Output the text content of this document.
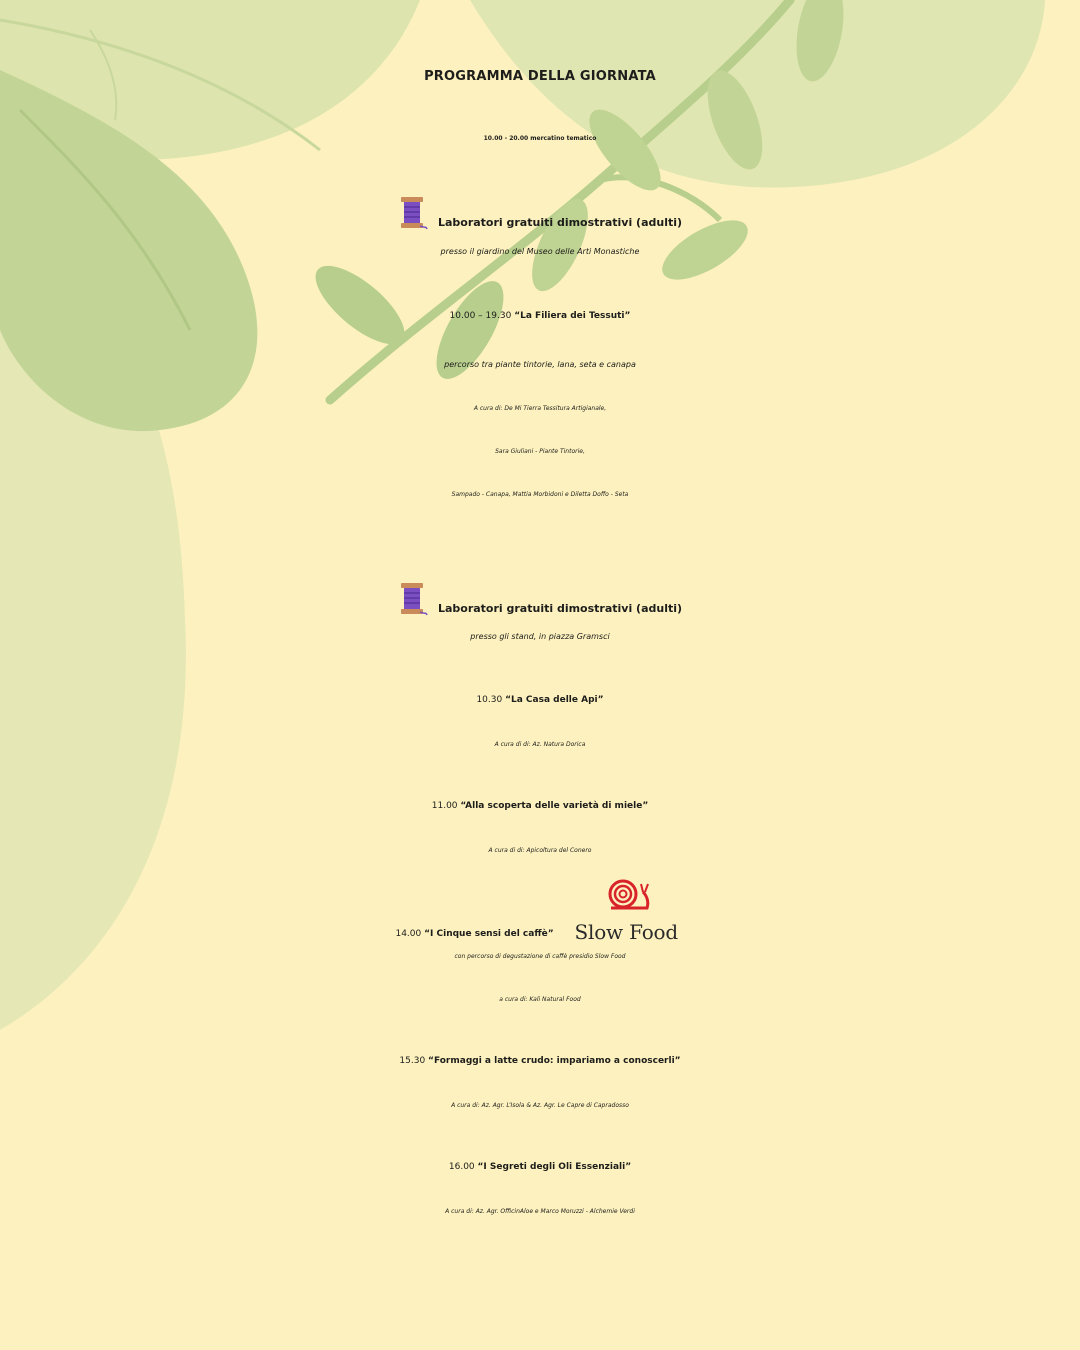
PROGRAMMA DELLA GIORNATA
10.00 - 20.00 mercatino tematico
Laboratori gratuiti dimostrativi (adulti)
presso il giardino del Museo delle Arti Monastiche
10.00 – 19.30 “La Filiera dei Tessuti”
percorso tra piante tintorie, lana, seta e canapa
A cura di: De Mi Tierra Tessitura Artigianale,
Sara Giuliani - Piante Tintorie,
Sampado - Canapa, Mattia Morbidoni e Diletta Doffo - Seta
Laboratori gratuiti dimostrativi (adulti)
presso gli stand, in piazza Gramsci
10.30 “La Casa delle Api”
A cura di di: Az. Natura Dorica
11.00 “Alla scoperta delle varietà di miele”
A cura di di: Apicoltura del Conero
14.00 “I Cinque sensi del caffè” Slow Food
con percorso di degustazione di caffè presidio Slow Food
a cura di: Kali Natural Food
15.30 “Formaggi a latte crudo: impariamo a conoscerli”
A cura di: Az. Agr. L’Isola & Az. Agr. Le Capre di Capradosso
16.00 “I Segreti degli Oli Essenziali”
A cura di: Az. Agr. OfficinAloe e Marco Moruzzi - Alchemie Verdi
